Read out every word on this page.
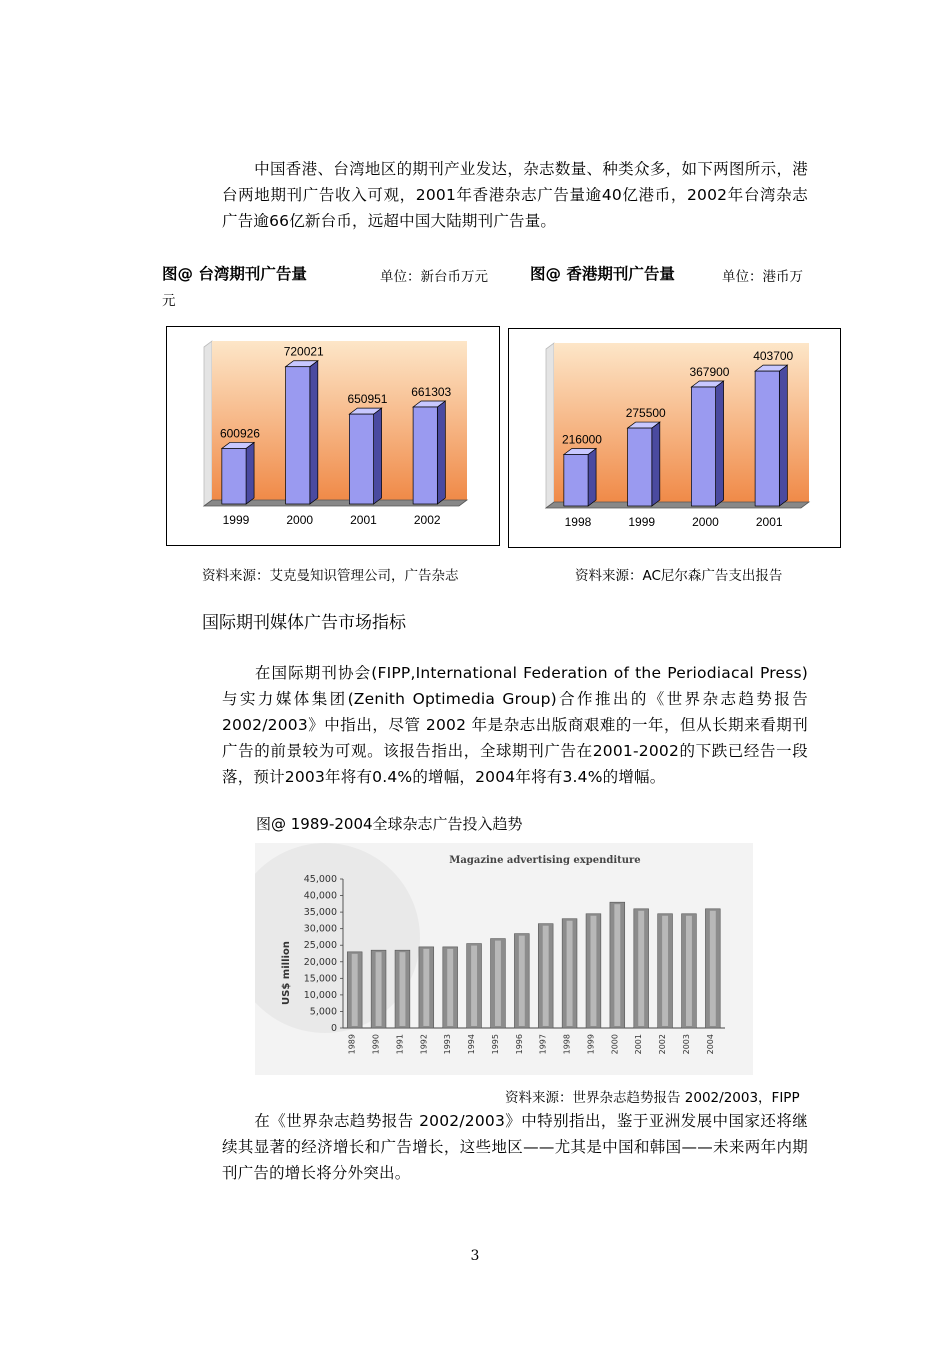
中国香港、台湾地区的期刊产业发达，杂志数量、种类众多，如下两图所示，港台两地期刊广告收入可观，2001年香港杂志广告量逾40亿港币，2002年台湾杂志广告逾66亿新台币，远超中国大陆期刊广告量。
图@ 台湾期刊广告量	单位：新台币万元
元
图@ 香港期刊广告量	单位：港币万
600926
1999
720021
2000
650951
2001
661303
2002
216000
1998
275500
1999
367900
2000
403700
2001
资料来源：艾克曼知识管理公司，广告杂志	资料来源：AC尼尔森广告支出报告
国际期刊媒体广告市场指标
在国际期刊协会(FIPP,International Federation of the Periodiacal Press)与实力媒体集团(Zenith Optimedia Group)合作推出的《世界杂志趋势报告 2002/2003》中指出，尽管 2002 年是杂志出版商艰难的一年，但从长期来看期刊广告的前景较为可观。该报告指出，全球期刊广告在2001-2002的下跌已经告一段落，预计2003年将有0.4%的增幅，2004年将有3.4%的增幅。
图@ 1989-2004全球杂志广告投入趋势
Magazine advertising expenditure
US$ million
45,000
40,000
35,000
30,000
25,000
20,000
15,000
10,000
5,000
0
1989 1990 1991 1992 1993 1994 1995 1996 1997 1998 1999 2000 2001 2002 2003 2004
资料来源：世界杂志趋势报告 2002/2003，FIPP
在《世界杂志趋势报告 2002/2003》中特别指出，鉴于亚洲发展中国家还将继续其显著的经济增长和广告增长，这些地区——尤其是中国和韩国——未来两年内期刊广告的增长将分外突出。
3
